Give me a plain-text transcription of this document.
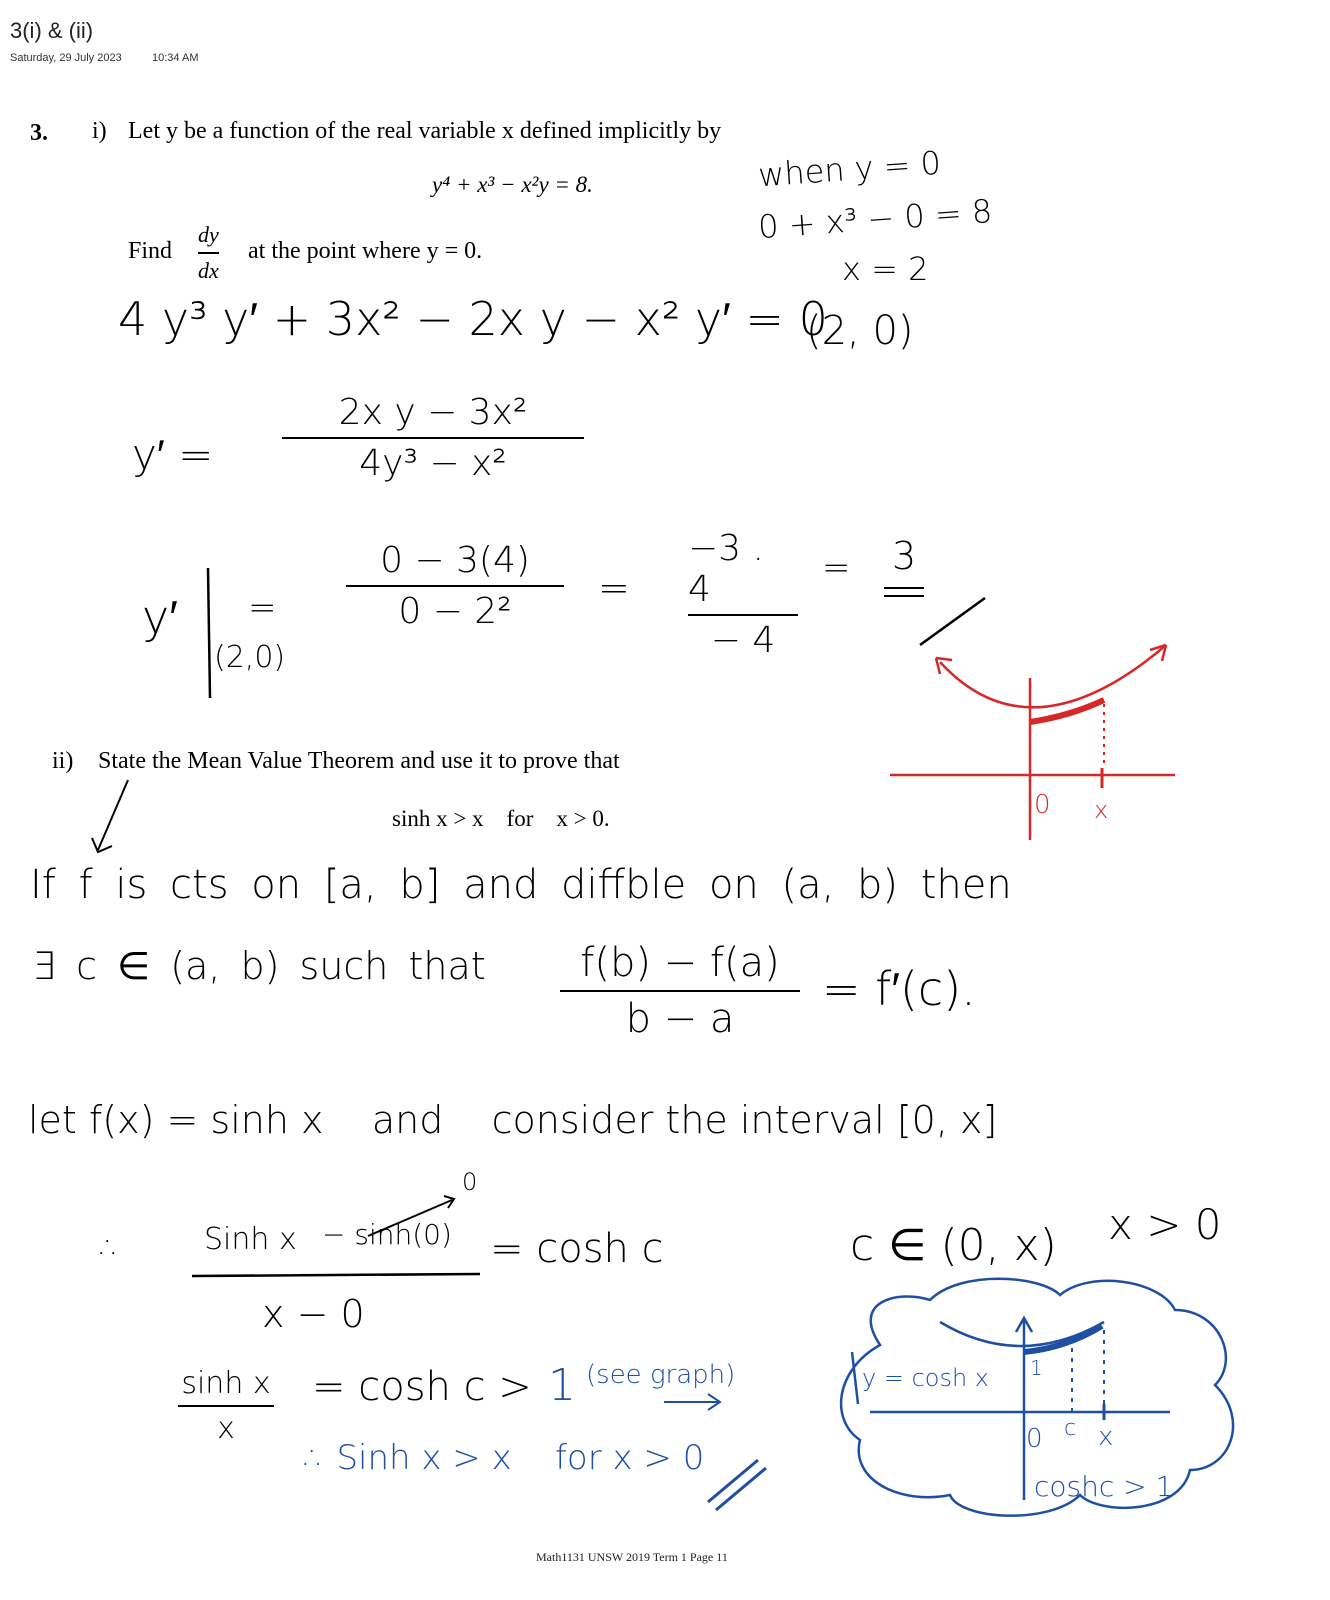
3(i) & (ii)
Saturday, 29 July 2023	10:34 AM
3. i) Let y be a function of the real variable x defined implicitly by
y⁴ + x³ − x²y = 8.
Find
dy
dx
at the point where y = 0.
when y = 0
0 + x³ − 0 = 8
x = 2
(2, 0)
4 y³ y′ + 3x² − 2x y − x² y′ = 0
y′ =
2x y − 3x²
4y³ − x²
y′ =
(2,0)
0 − 3(4)
0 − 2²
=
−3 . 4
− 4
= 3
0 x
ii) State the Mean Value Theorem and use it to prove that
sinh x > x    for    x > 0.
If f is cts on [a, b] and diffble on (a, b) then
∃ c ∈ (a, b) such that f(b) − f(a)
b − a
= f′(c).
let f(x) = sinh x    and    consider the interval [0, x]
∴	Sinh x − sinh(0)
0
x − 0
= cosh c	c ∈ (0, x) x > 0
sinh x
x
= cosh c > 1 (see graph)
∴ Sinh x > x    for x > 0
y = cosh x 1
0 c x
coshc > 1
Math1131 UNSW 2019 Term 1 Page 11
